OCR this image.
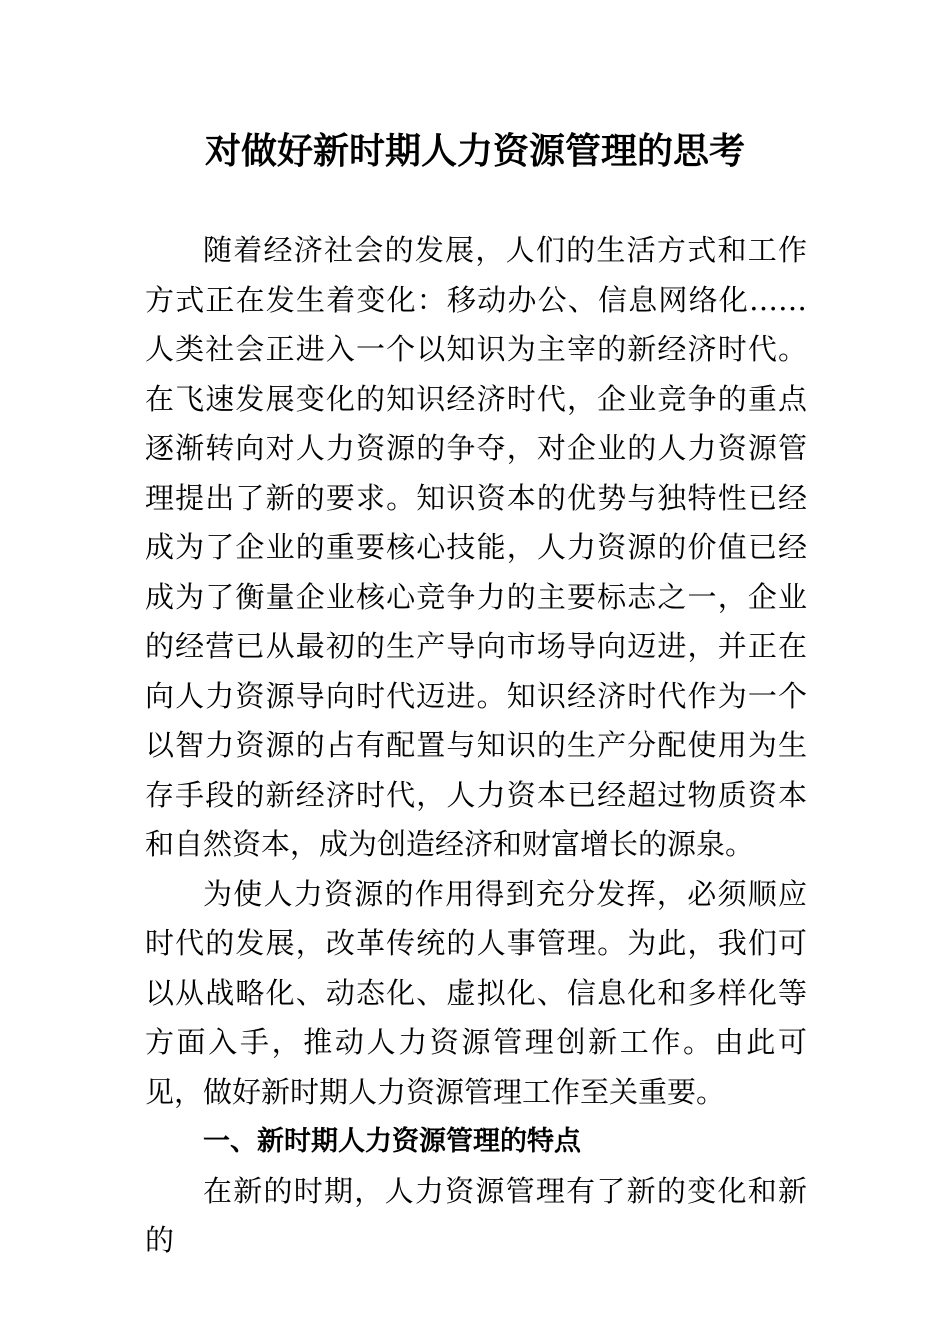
对做好新时期人力资源管理的思考

随着经济社会的发展，人们的生活方式和工作方式正在发生着变化：移动办公、信息网络化……人类社会正进入一个以知识为主宰的新经济时代。在飞速发展变化的知识经济时代，企业竞争的重点逐渐转向对人力资源的争夺，对企业的人力资源管理提出了新的要求。知识资本的优势与独特性已经成为了企业的重要核心技能，人力资源的价值已经成为了衡量企业核心竞争力的主要标志之一，企业的经营已从最初的生产导向市场导向迈进，并正在向人力资源导向时代迈进。知识经济时代作为一个以智力资源的占有配置与知识的生产分配使用为生存手段的新经济时代，人力资本已经超过物质资本和自然资本，成为创造经济和财富增长的源泉。

为使人力资源的作用得到充分发挥，必须顺应时代的发展，改革传统的人事管理。为此，我们可以从战略化、动态化、虚拟化、信息化和多样化等方面入手，推动人力资源管理创新工作。由此可见，做好新时期人力资源管理工作至关重要。

一、新时期人力资源管理的特点

在新的时期，人力资源管理有了新的变化和新的
